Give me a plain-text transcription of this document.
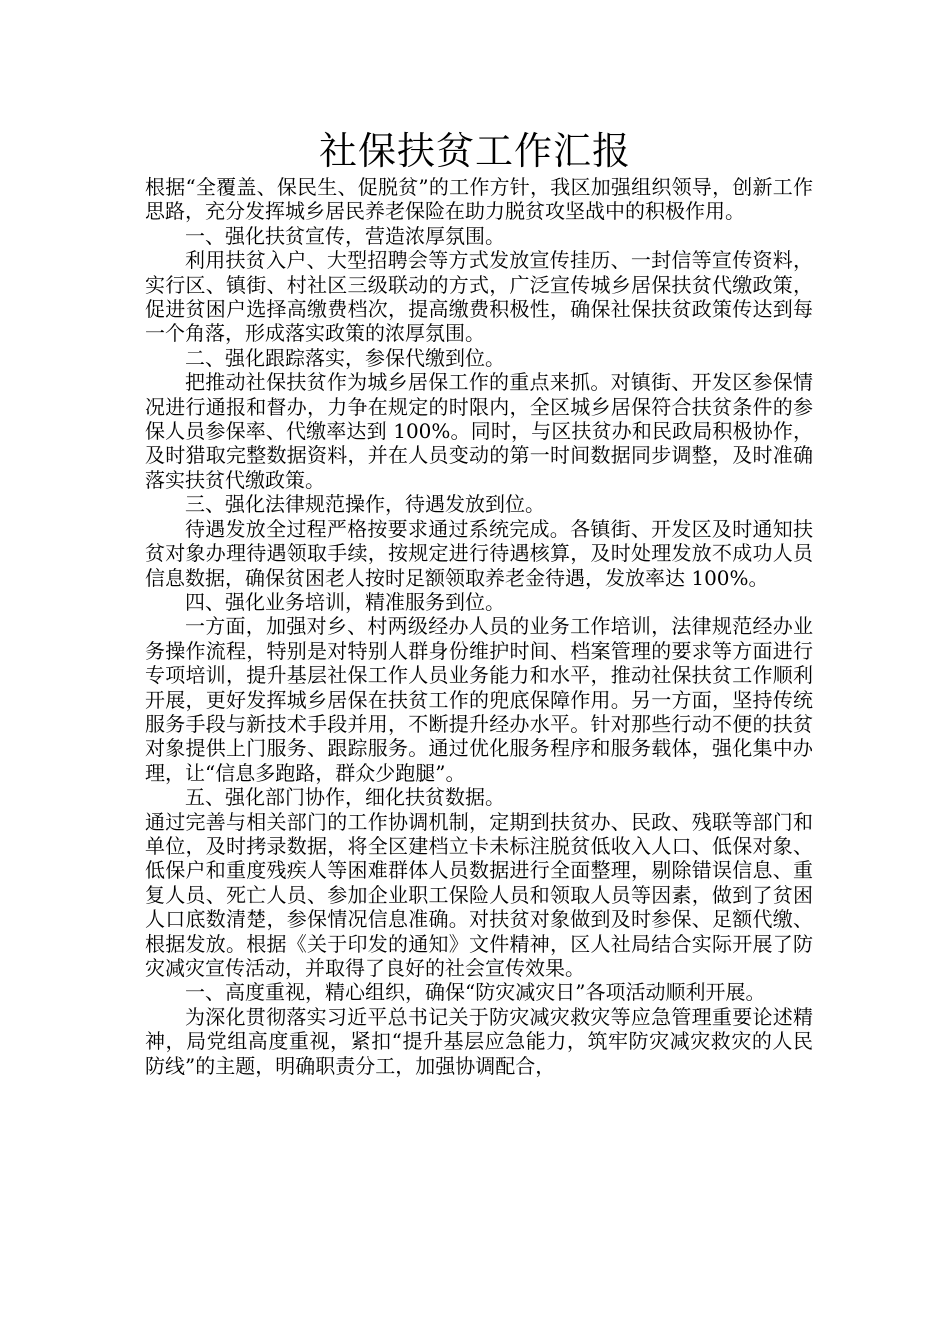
社保扶贫工作汇报

根据“全覆盖、保民生、促脱贫”的工作方针，我区加强组织领导，创新工作思路，充分发挥城乡居民养老保险在助力脱贫攻坚战中的积极作用。

一、强化扶贫宣传，营造浓厚氛围。

利用扶贫入户、大型招聘会等方式发放宣传挂历、一封信等宣传资料，实行区、镇街、村社区三级联动的方式，广泛宣传城乡居保扶贫代缴政策，促进贫困户选择高缴费档次，提高缴费积极性，确保社保扶贫政策传达到每一个角落，形成落实政策的浓厚氛围。

二、强化跟踪落实，参保代缴到位。

把推动社保扶贫作为城乡居保工作的重点来抓。对镇街、开发区参保情况进行通报和督办，力争在规定的时限内，全区城乡居保符合扶贫条件的参保人员参保率、代缴率达到 100%。同时，与区扶贫办和民政局积极协作，及时猎取完整数据资料，并在人员变动的第一时间数据同步调整，及时准确落实扶贫代缴政策。

三、强化法律规范操作，待遇发放到位。

待遇发放全过程严格按要求通过系统完成。各镇街、开发区及时通知扶贫对象办理待遇领取手续，按规定进行待遇核算，及时处理发放不成功人员信息数据，确保贫困老人按时足额领取养老金待遇，发放率达 100%。

四、强化业务培训，精准服务到位。

一方面，加强对乡、村两级经办人员的业务工作培训，法律规范经办业务操作流程，特别是对特别人群身份维护时间、档案管理的要求等方面进行专项培训，提升基层社保工作人员业务能力和水平，推动社保扶贫工作顺利开展，更好发挥城乡居保在扶贫工作的兜底保障作用。另一方面，坚持传统服务手段与新技术手段并用，不断提升经办水平。针对那些行动不便的扶贫对象提供上门服务、跟踪服务。通过优化服务程序和服务载体，强化集中办理，让“信息多跑路，群众少跑腿”。

五、强化部门协作，细化扶贫数据。

通过完善与相关部门的工作协调机制，定期到扶贫办、民政、残联等部门和单位，及时拷录数据，将全区建档立卡未标注脱贫低收入人口、低保对象、低保户和重度残疾人等困难群体人员数据进行全面整理，剔除错误信息、重复人员、死亡人员、参加企业职工保险人员和领取人员等因素，做到了贫困人口底数清楚，参保情况信息准确。对扶贫对象做到及时参保、足额代缴、根据发放。根据《关于印发的通知》文件精神，区人社局结合实际开展了防灾减灾宣传活动，并取得了良好的社会宣传效果。

一、高度重视，精心组织，确保“防灾减灾日”各项活动顺利开展。

为深化贯彻落实习近平总书记关于防灾减灾救灾等应急管理重要论述精神，局党组高度重视，紧扣“提升基层应急能力，筑牢防灾减灾救灾的人民防线”的主题，明确职责分工，加强协调配合，
